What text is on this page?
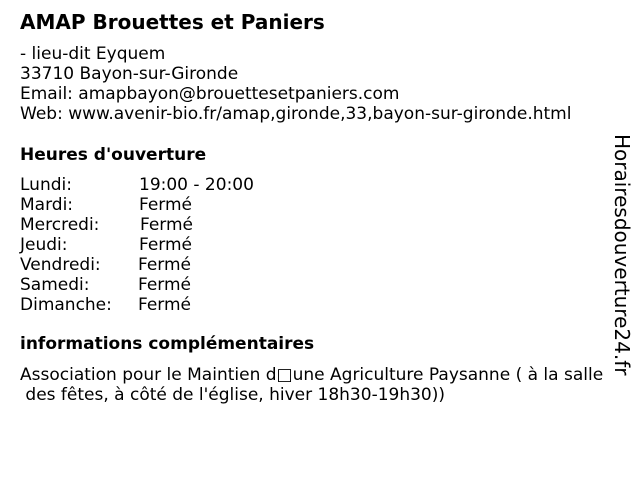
AMAP Brouettes et Paniers
- lieu-dit Eyquem
33710 Bayon-sur-Gironde
Email: amapbayon@brouettesetpaniers.com
Web: www.avenir-bio.fr/amap,gironde,33,bayon-sur-gironde.html
Heures d'ouverture
Lundi:	19:00 - 20:00
Mardi:	Fermé
Mercredi: Fermé
Jeudi:	Fermé
Vendredi: Fermé
Samedi:	Fermé
Dimanche: Fermé
informations complémentaires
Association pour le Maintien d□une Agriculture Paysanne ( à la salle
des fêtes, à côté de l'église, hiver 18h30-19h30))
Horairesdouverture24.fr
